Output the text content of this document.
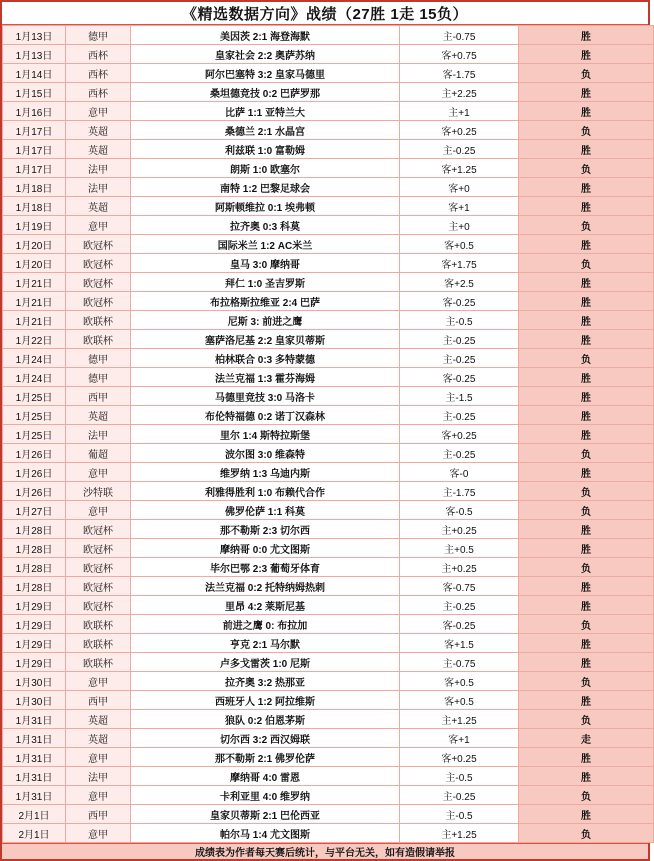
《精选数据方向》战绩（27胜 1走 15负）
1月13日	德甲	美因茨 2:1 海登海默	主-0.75	胜
1月13日	西杯	皇家社会 2:2 奥萨苏纳	客+0.75	胜
1月14日	西杯	阿尔巴塞特 3:2 皇家马德里	客-1.75	负
1月15日	西杯	桑坦德竞技 0:2 巴萨罗那	主+2.25	胜
1月16日	意甲	比萨 1:1 亚特兰大	主+1	胜
1月17日	英超	桑德兰 2:1 水晶宫	客+0.25	负
1月17日	英超	利兹联 1:0 富勒姆	主-0.25	胜
1月17日	法甲	朗斯 1:0 欧塞尔	客+1.25	负
1月18日	法甲	南特 1:2 巴黎足球会	客+0	胜
1月18日	英超	阿斯顿维拉 0:1 埃弗顿	客+1	胜
1月19日	意甲	拉齐奥 0:3 科莫	主+0	负
1月20日	欧冠杯	国际米兰 1:2 AC米兰	客+0.5	胜
1月20日	欧冠杯	皇马 3:0 摩纳哥	客+1.75	负
1月21日	欧冠杯	拜仁 1:0 圣吉罗斯	客+2.5	胜
1月21日	欧冠杯	布拉格斯拉维亚 2:4 巴萨	客-0.25	胜
1月21日	欧联杯	尼斯 3: 前进之鹰	主-0.5	胜
1月22日	欧联杯	塞萨洛尼基 2:2 皇家贝蒂斯	主-0.25	胜
1月24日	德甲	柏林联合 0:3 多特蒙德	主-0.25	负
1月24日	德甲	法兰克福 1:3 霍芬海姆	客-0.25	胜
1月25日	西甲	马德里竞技 3:0 马洛卡	主-1.5	胜
1月25日	英超	布伦特福德 0:2 诺丁汉森林	主-0.25	胜
1月25日	法甲	里尔 1:4 斯特拉斯堡	客+0.25	胜
1月26日	葡超	波尔图 3:0 维森特	主-0.25	负
1月26日	意甲	维罗纳 1:3 乌迪内斯	客-0	胜
1月26日	沙特联	利雅得胜利 1:0 布赖代合作	主-1.75	负
1月27日	意甲	佛罗伦萨 1:1 科莫	客-0.5	负
1月28日	欧冠杯	那不勒斯 2:3 切尔西	主+0.25	胜
1月28日	欧冠杯	摩纳哥 0:0 尤文图斯	主+0.5	胜
1月28日	欧冠杯	毕尔巴鄂 2:3 葡萄牙体育	主+0.25	负
1月28日	欧冠杯	法兰克福 0:2 托特纳姆热刺	客-0.75	胜
1月29日	欧冠杯	里昂 4:2 莱斯尼基	主-0.25	胜
1月29日	欧联杯	前进之鹰 0: 布拉加	客-0.25	负
1月29日	欧联杯	亨克 2:1 马尔默	客+1.5	胜
1月29日	欧联杯	卢多戈雷茨 1:0 尼斯	主-0.75	胜
1月30日	意甲	拉齐奥 3:2 热那亚	客+0.5	负
1月30日	西甲	西班牙人 1:2 阿拉维斯	客+0.5	胜
1月31日	英超	狼队 0:2 伯恩茅斯	主+1.25	负
1月31日	英超	切尔西 3:2 西汉姆联	客+1	走
1月31日	意甲	那不勒斯 2:1 佛罗伦萨	客+0.25	胜
1月31日	法甲	摩纳哥 4:0 雷恩	主-0.5	胜
1月31日	意甲	卡利亚里 4:0 维罗纳	主-0.25	负
2月1日	西甲	皇家贝蒂斯 2:1 巴伦西亚	主-0.5	胜
2月1日	意甲	帕尔马 1:4 尤文图斯	主+1.25	负
成绩表为作者每天赛后统计，与平台无关，如有造假请举报
